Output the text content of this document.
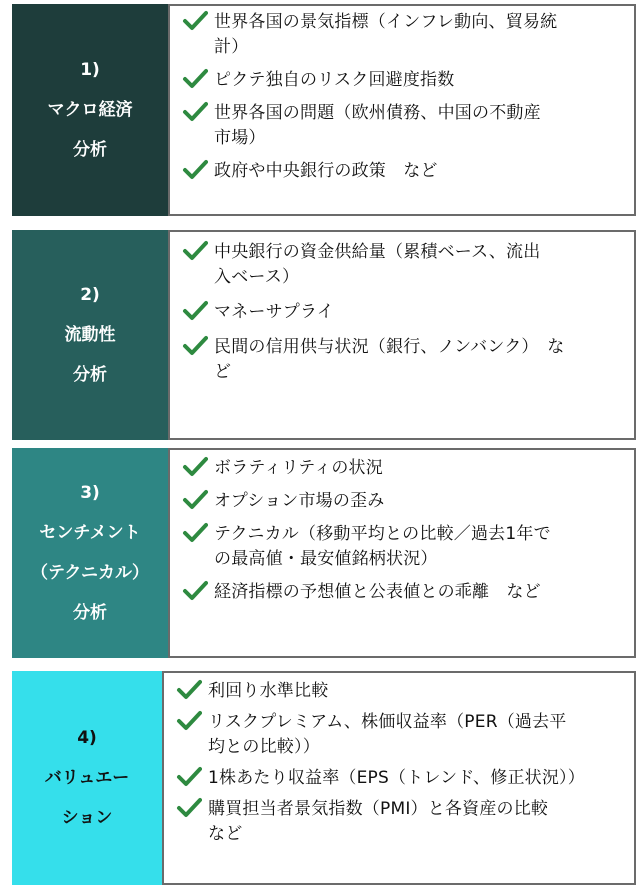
1)
マクロ経済
分析
世界各国の景気指標（インフレ動向、貿易統
計）
ピクテ独自のリスク回避度指数
世界各国の問題（欧州債務、中国の不動産
市場）
政府や中央銀行の政策　など
2)
流動性
分析
中央銀行の資金供給量（累積ベース、流出
入ベース）
マネーサプライ
民間の信用供与状況（銀行、ノンバンク）　な
ど
3)
センチメント
（テクニカル）
分析
ボラティリティの状況
オプション市場の歪み
テクニカル（移動平均との比較／過去1年で
の最高値・最安値銘柄状況）
経済指標の予想値と公表値との乖離　など
4)
バリュエー
ション
利回り水準比較
リスクプレミアム、株価収益率（PER（過去平
均との比較））
1株あたり収益率（EPS（トレンド、修正状況））
購買担当者景気指数（PMI）と各資産の比較
など
